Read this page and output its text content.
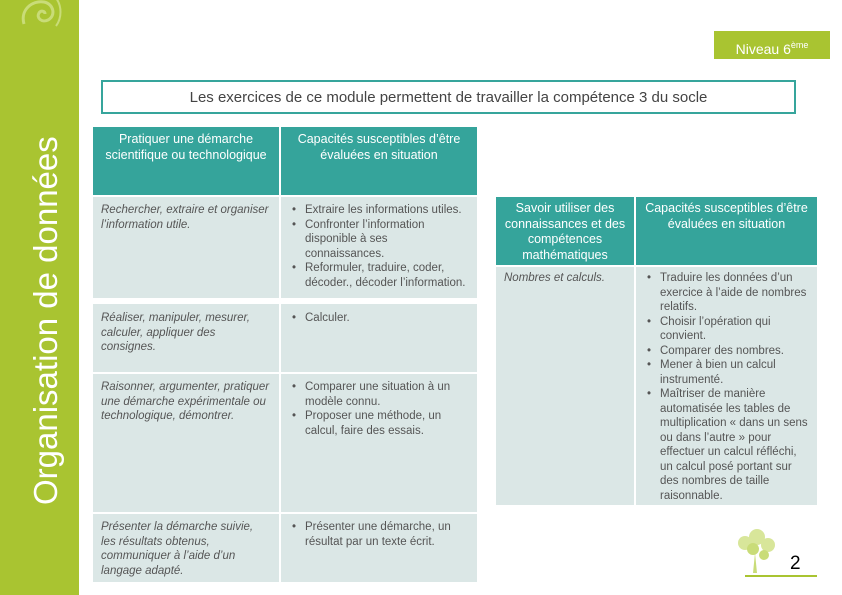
Organisation de données
Niveau 6ème
Les exercices de ce module permettent de travailler la compétence 3 du socle
Pratiquer une démarche scientifique ou technologique
Capacités susceptibles d’être évaluées en situation
Rechercher, extraire et organiser l’information utile.
• Extraire les informations utiles.
• Confronter l’information disponible à ses connaissances.
• Reformuler, traduire, coder, décoder., décoder l’information.
Réaliser, manipuler, mesurer, calculer, appliquer des consignes.
• Calculer.
Raisonner, argumenter, pratiquer une démarche expérimentale ou technologique, démontrer.
• Comparer une situation à un modèle connu.
• Proposer une méthode, un calcul, faire des essais.
Présenter la démarche suivie, les résultats obtenus, communiquer à l’aide d’un langage adapté.
• Présenter une démarche, un résultat par un texte écrit.
Savoir utiliser des connaissances et des compétences mathématiques
Capacités susceptibles d’être évaluées en situation
Nombres et calculs.
•	Traduire les données d’un exercice à l’aide de nombres relatifs.
• Choisir l’opération qui convient.
• Comparer des nombres.
• Mener à bien un calcul instrumenté.
• Maîtriser de manière automatisée les tables de multiplication « dans un sens ou dans l’autre » pour effectuer un calcul réfléchi, un calcul posé portant sur des nombres de taille raisonnable.
2
